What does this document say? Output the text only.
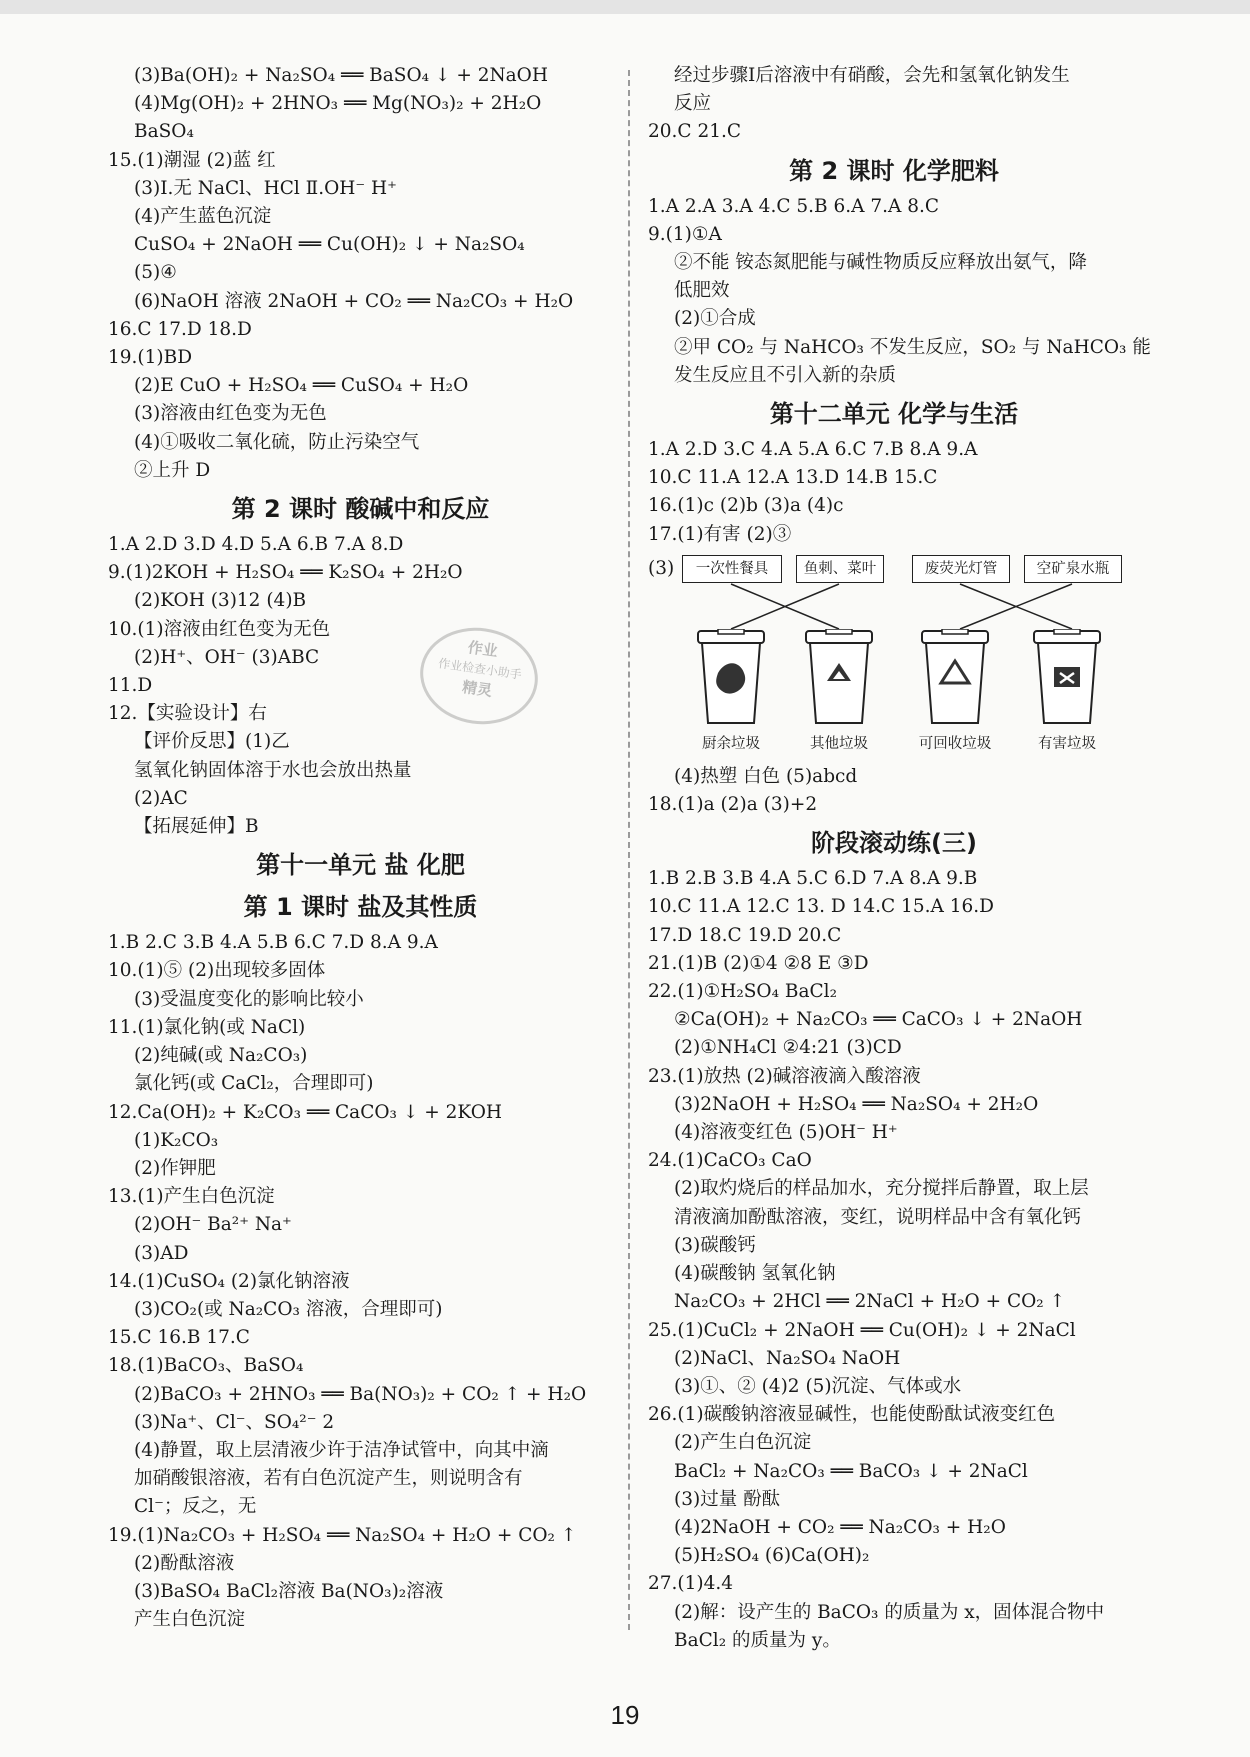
(3)Ba(OH)₂ + Na₂SO₄ ══ BaSO₄ ↓ + 2NaOH
(4)Mg(OH)₂ + 2HNO₃ ══ Mg(NO₃)₂ + 2H₂O
BaSO₄
15.(1)潮湿 (2)蓝 红
(3)Ⅰ.无 NaCl、HCl Ⅱ.OH⁻ H⁺
(4)产生蓝色沉淀
CuSO₄ + 2NaOH ══ Cu(OH)₂ ↓ + Na₂SO₄
(5)④
(6)NaOH 溶液 2NaOH + CO₂ ══ Na₂CO₃ + H₂O
16.C 17.D 18.D
19.(1)BD
(2)E CuO + H₂SO₄ ══ CuSO₄ + H₂O
(3)溶液由红色变为无色
(4)①吸收二氧化硫，防止污染空气
②上升 D
第 2 课时 酸碱中和反应
1.A 2.D 3.D 4.D 5.A 6.B 7.A 8.D
9.(1)2KOH + H₂SO₄ ══ K₂SO₄ + 2H₂O
(2)KOH (3)12 (4)B
10.(1)溶液由红色变为无色
(2)H⁺、OH⁻ (3)ABC
11.D
12.【实验设计】右
【评价反思】(1)乙
氢氧化钠固体溶于水也会放出热量
(2)AC
【拓展延伸】B
第十一单元 盐 化肥
第 1 课时 盐及其性质
1.B 2.C 3.B 4.A 5.B 6.C 7.D 8.A 9.A
10.(1)⑤ (2)出现较多固体
(3)受温度变化的影响比较小
11.(1)氯化钠(或 NaCl)
(2)纯碱(或 Na₂CO₃)
氯化钙(或 CaCl₂，合理即可)
12.Ca(OH)₂ + K₂CO₃ ══ CaCO₃ ↓ + 2KOH
(1)K₂CO₃
(2)作钾肥
13.(1)产生白色沉淀
(2)OH⁻ Ba²⁺ Na⁺
(3)AD
14.(1)CuSO₄ (2)氯化钠溶液
(3)CO₂(或 Na₂CO₃ 溶液，合理即可)
15.C 16.B 17.C
18.(1)BaCO₃、BaSO₄
(2)BaCO₃ + 2HNO₃ ══ Ba(NO₃)₂ + CO₂ ↑ + H₂O
(3)Na⁺、Cl⁻、SO₄²⁻ 2
(4)静置，取上层清液少许于洁净试管中，向其中滴
加硝酸银溶液，若有白色沉淀产生，则说明含有
Cl⁻；反之，无
19.(1)Na₂CO₃ + H₂SO₄ ══ Na₂SO₄ + H₂O + CO₂ ↑
(2)酚酞溶液
(3)BaSO₄ BaCl₂溶液 Ba(NO₃)₂溶液
产生白色沉淀
经过步骤Ⅰ后溶液中有硝酸，会先和氢氧化钠发生
反应
20.C 21.C
第 2 课时 化学肥料
1.A 2.A 3.A 4.C 5.B 6.A 7.A 8.C
9.(1)①A
②不能 铵态氮肥能与碱性物质反应释放出氨气，降
低肥效
(2)①合成
②甲 CO₂ 与 NaHCO₃ 不发生反应，SO₂ 与 NaHCO₃ 能
发生反应且不引入新的杂质
第十二单元 化学与生活
1.A 2.D 3.C 4.A 5.A 6.C 7.B 8.A 9.A
10.C 11.A 12.A 13.D 14.B 15.C
16.(1)c (2)b (3)a (4)c
17.(1)有害 (2)③
(3)	一次性餐具	鱼刺、菜叶	废荧光灯管	空矿泉水瓶
厨余垃圾	其他垃圾	可回收垃圾	有害垃圾
(4)热塑 白色 (5)abcd
18.(1)a (2)a (3)+2
阶段滚动练(三)
1.B 2.B 3.B 4.A 5.C 6.D 7.A 8.A 9.B
10.C 11.A 12.C 13. D 14.C 15.A 16.D
17.D 18.C 19.D 20.C
21.(1)B (2)①4 ②8 E ③D
22.(1)①H₂SO₄ BaCl₂
②Ca(OH)₂ + Na₂CO₃ ══ CaCO₃ ↓ + 2NaOH
(2)①NH₄Cl ②4:21 (3)CD
23.(1)放热 (2)碱溶液滴入酸溶液
(3)2NaOH + H₂SO₄ ══ Na₂SO₄ + 2H₂O
(4)溶液变红色 (5)OH⁻ H⁺
24.(1)CaCO₃ CaO
(2)取灼烧后的样品加水，充分搅拌后静置，取上层
清液滴加酚酞溶液，变红，说明样品中含有氧化钙
(3)碳酸钙
(4)碳酸钠 氢氧化钠
Na₂CO₃ + 2HCl ══ 2NaCl + H₂O + CO₂ ↑
25.(1)CuCl₂ + 2NaOH ══ Cu(OH)₂ ↓ + 2NaCl
(2)NaCl、Na₂SO₄ NaOH
(3)①、② (4)2 (5)沉淀、气体或水
26.(1)碳酸钠溶液显碱性，也能使酚酞试液变红色
(2)产生白色沉淀
BaCl₂ + Na₂CO₃ ══ BaCO₃ ↓ + 2NaCl
(3)过量 酚酞
(4)2NaOH + CO₂ ══ Na₂CO₃ + H₂O
(5)H₂SO₄ (6)Ca(OH)₂
27.(1)4.4
(2)解：设产生的 BaCO₃ 的质量为 x，固体混合物中
BaCl₂ 的质量为 y。
作业
作业检查小助手
精灵
19
